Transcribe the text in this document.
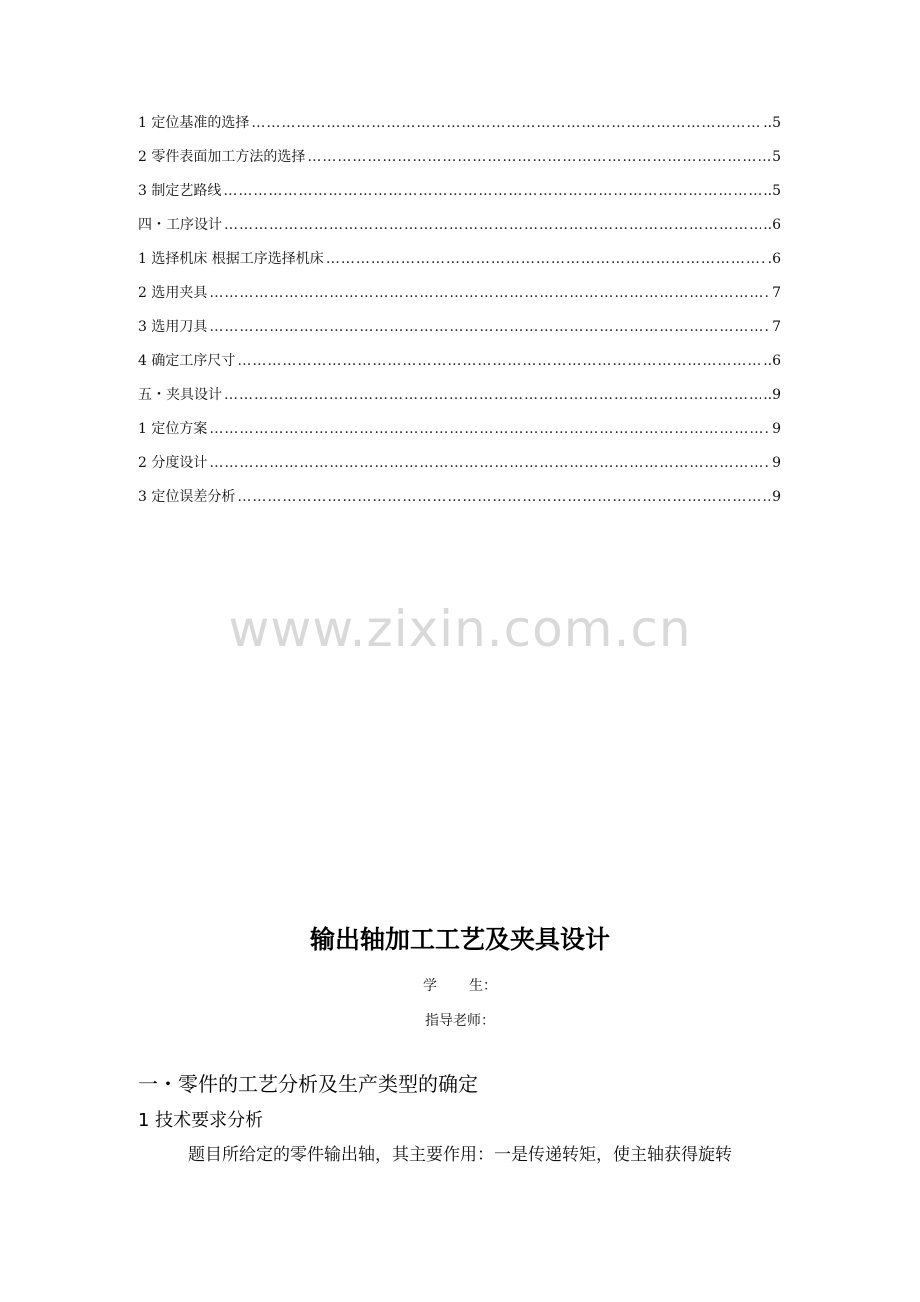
1 定位基准的选择 …………………………………………………………………………………………………………………………………………………………………………………………………	..5
2 零件表面加工方法的选择 …………………………………………………………………………………………………………………………………………………………………………………………………	5
3 制定艺路线 …………………………………………………………………………………………………………………………………………………………………………………………………	..5
四・工序设计 …………………………………………………………………………………………………………………………………………………………………………………………………	..6
1 选择机床 根据工序选择机床 …………………………………………………………………………………………………………………………………………………………………………………………………	.6
2 选用夹具 …………………………………………………………………………………………………………………………………………………………………………………………………	7
3 选用刀具 …………………………………………………………………………………………………………………………………………………………………………………………………	7
4 确定工序尺寸 …………………………………………………………………………………………………………………………………………………………………………………………………	..6
五・夹具设计 …………………………………………………………………………………………………………………………………………………………………………………………………	..9
1 定位方案 …………………………………………………………………………………………………………………………………………………………………………………………………	9
2 分度设计 …………………………………………………………………………………………………………………………………………………………………………………………………	9
3 定位误差分析 …………………………………………………………………………………………………………………………………………………………………………………………………	9
www.zixin.com.cn
输出轴加工工艺及夹具设计
学 生：
指导老师：
一・零件的工艺分析及生产类型的确定
1 技术要求分析
题目所给定的零件输出轴，其主要作用：一是传递转矩，使主轴获得旋转
